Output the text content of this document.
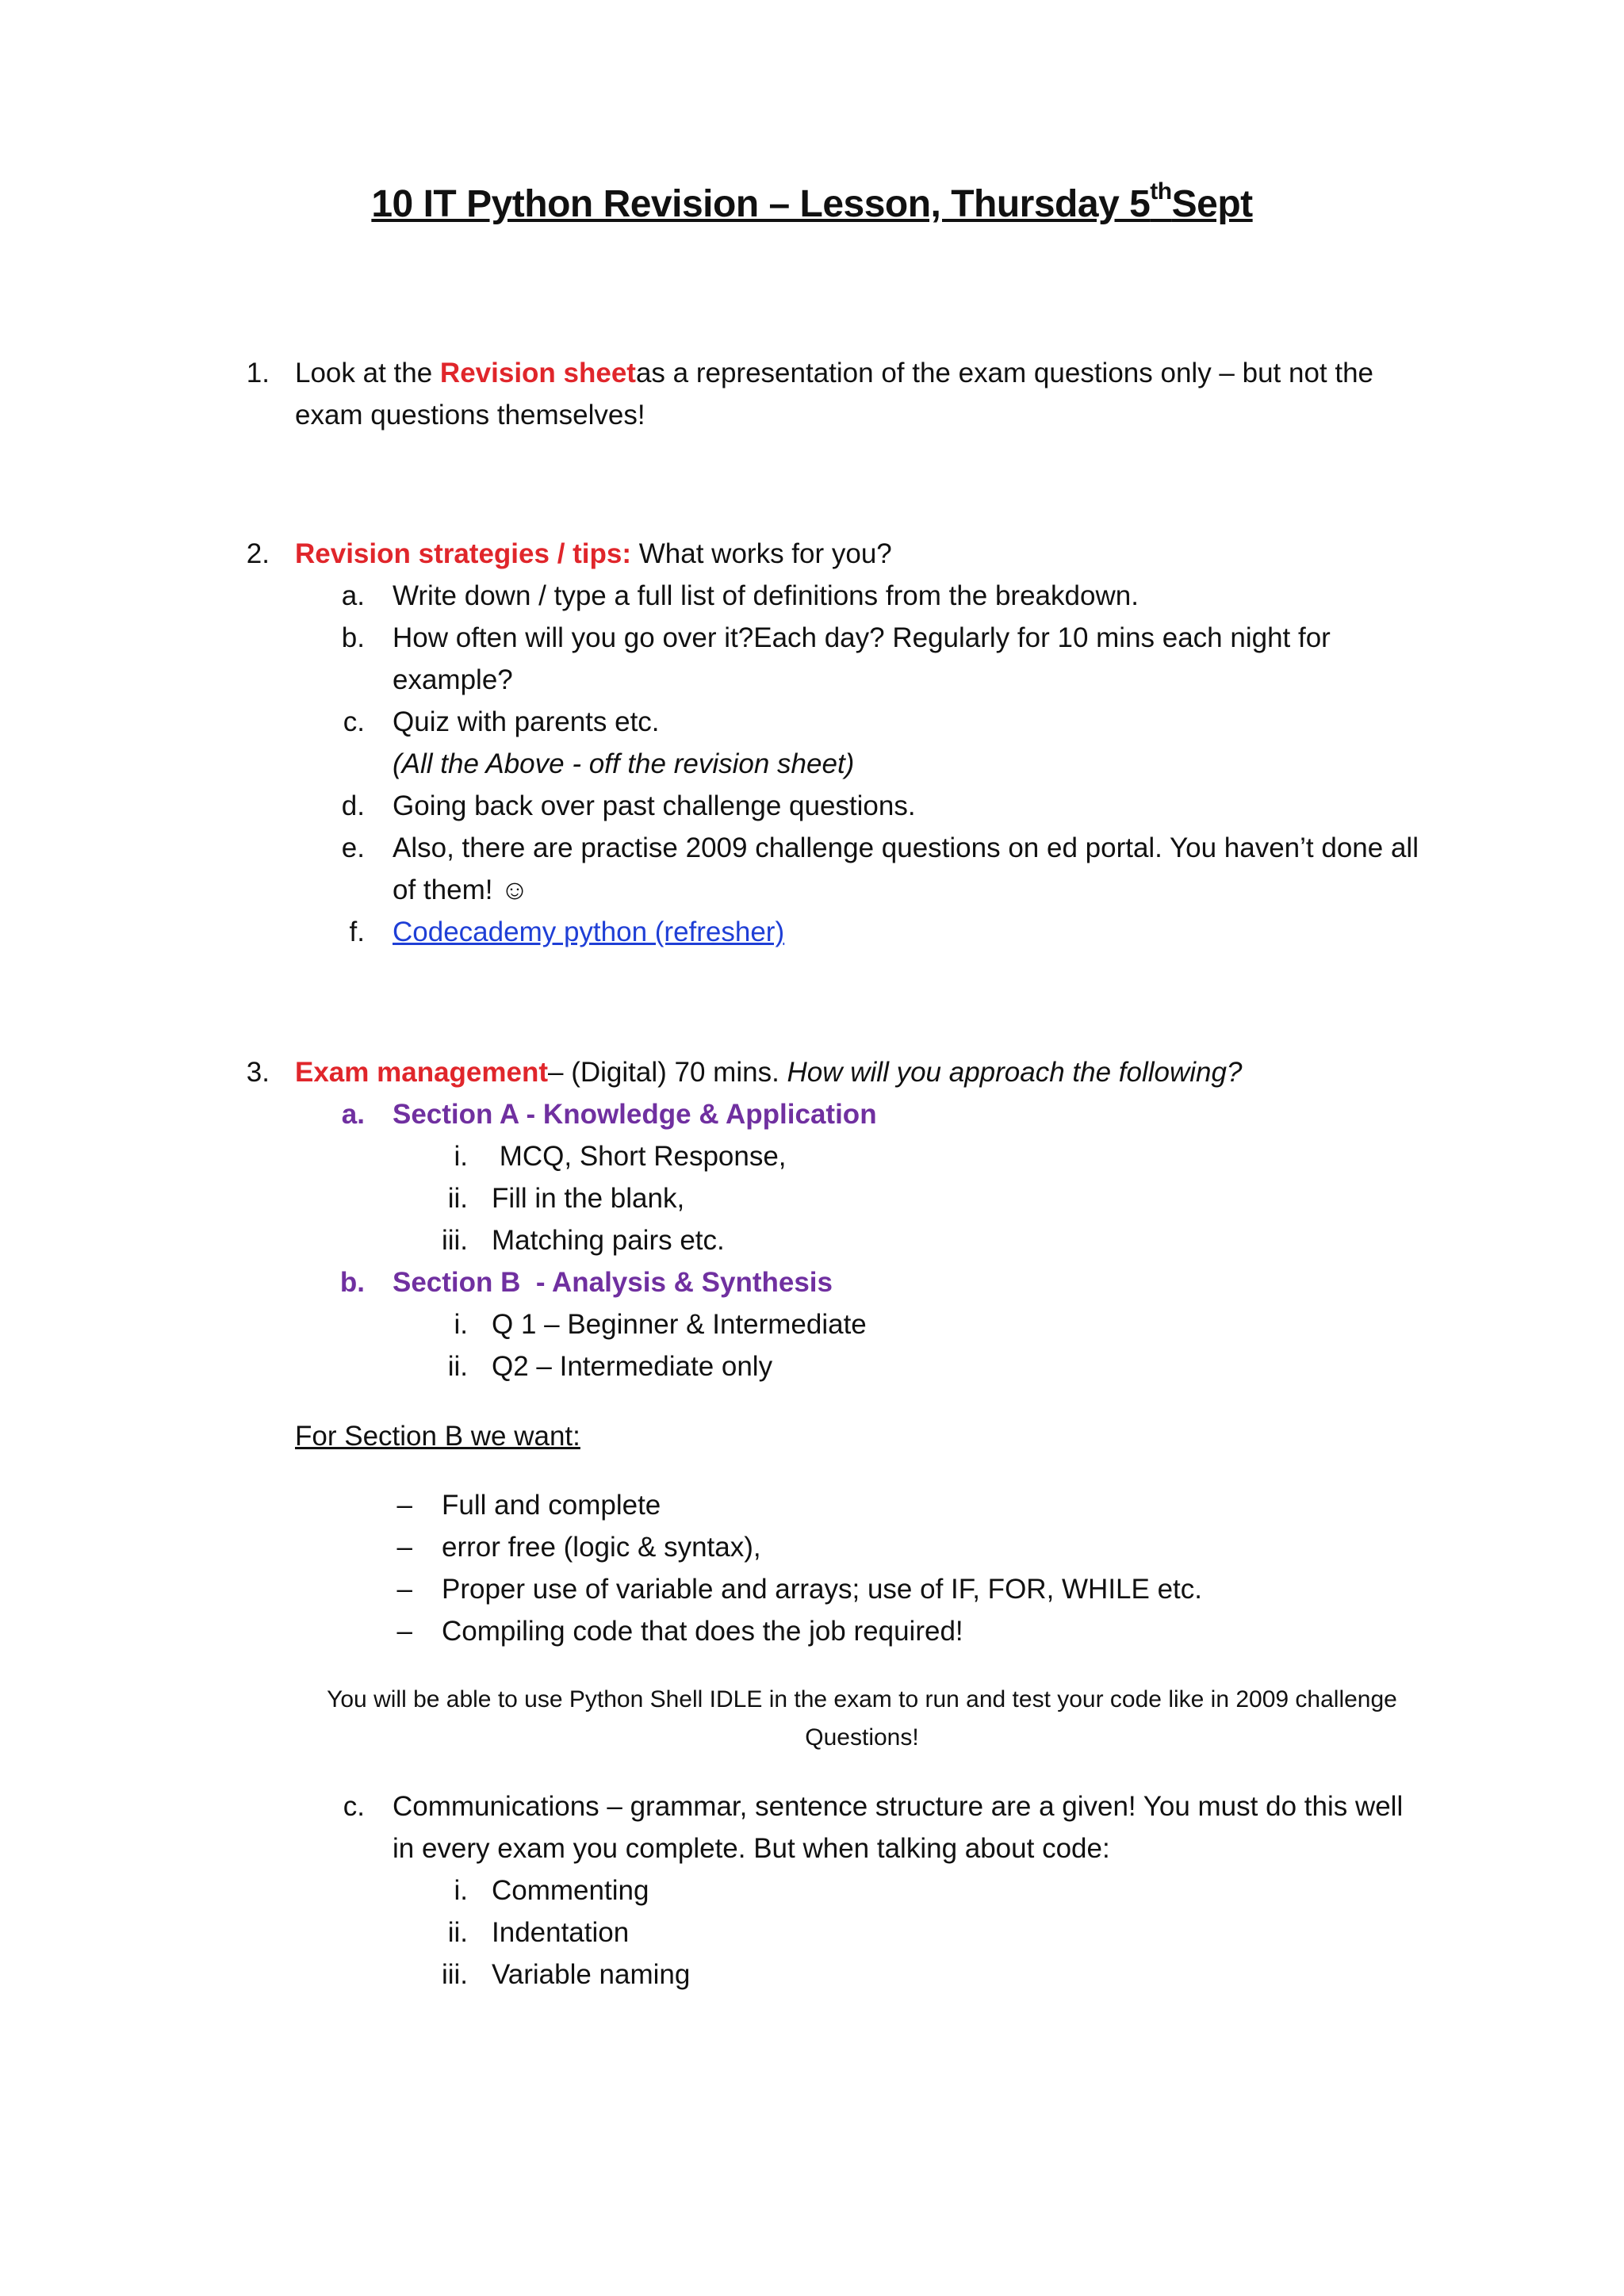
10 IT Python Revision – Lesson, Thursday 5thSept
1. Look at the Revision sheetas a representation of the exam questions only – but not the
exam questions themselves!
2. Revision strategies / tips: What works for you?
a. Write down / type a full list of definitions from the breakdown.
b. How often will you go over it?Each day? Regularly for 10 mins each night for
example?
c. Quiz with parents etc.
(All the Above - off the revision sheet)
d. Going back over past challenge questions.
e. Also, there are practise 2009 challenge questions on ed portal. You haven’t done all
of them! ☺
f. Codecademy python (refresher)
3. Exam management– (Digital) 70 mins. How will you approach the following?
a. Section A - Knowledge & Application
i. MCQ, Short Response,
ii. Fill in the blank,
iii. Matching pairs etc.
b. Section B  - Analysis & Synthesis
i. Q 1 – Beginner & Intermediate
ii. Q2 – Intermediate only
For Section B we want:
– Full and complete
– error free (logic & syntax),
– Proper use of variable and arrays; use of IF, FOR, WHILE etc.
– Compiling code that does the job required!
You will be able to use Python Shell IDLE in the exam to run and test your code like in 2009 challenge
Questions!
c. Communications – grammar, sentence structure are a given! You must do this well
in every exam you complete. But when talking about code:
i. Commenting
ii. Indentation
iii. Variable naming
